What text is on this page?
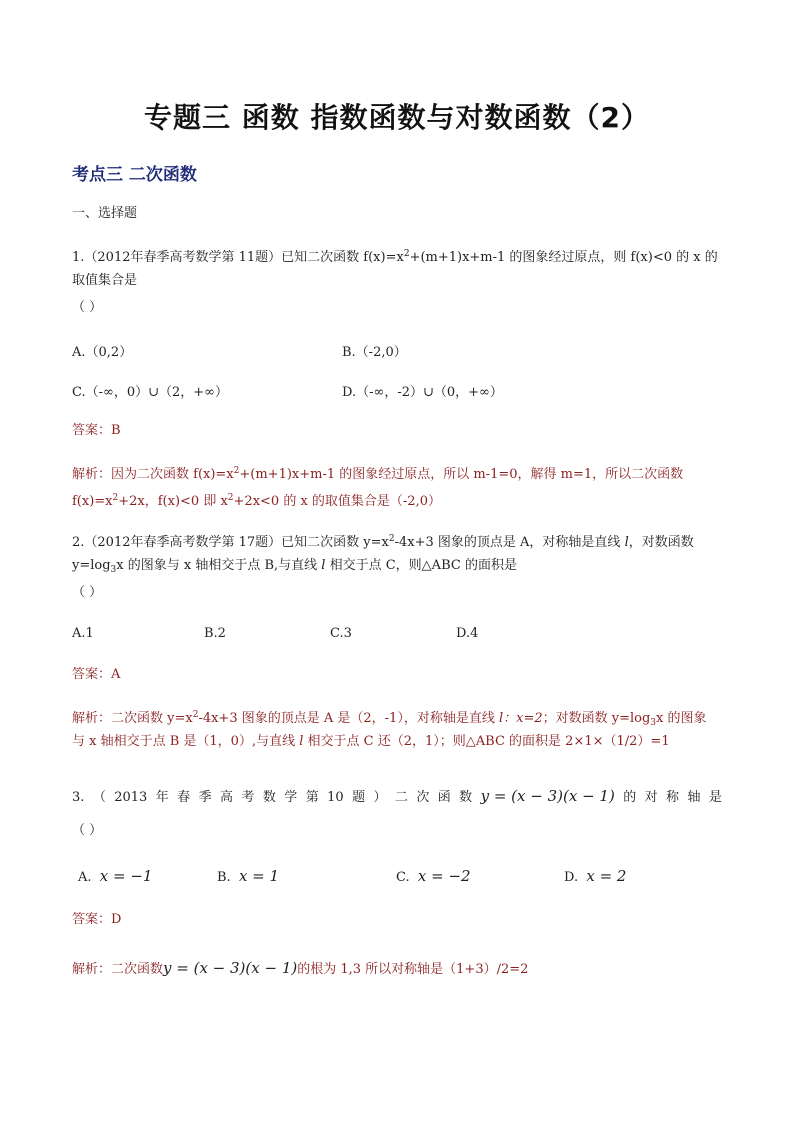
专题三 函数 指数函数与对数函数（2）
考点三 二次函数
一、选择题
1.（2012年春季高考数学第 11题）已知二次函数 $f(x)=x^2+(m+1)x+m-1$ 的图象经过原点，则 f(x)<0 的 x 的
取值集合是
（ ）
A.（0,2）	B.（-2,0）
C.（-∞，0）∪（2，+∞）	D.（-∞，-2）∪（0，+∞）
答案：B
解析：因为二次函数 $f(x)=x^2+(m+1)x+m-1$ 的图象经过原点，所以 m-1=0，解得 m=1，所以二次函数
$f(x)=x^2+2x$，f(x)<0 即 $x^2+2x<0$ 的 x 的取值集合是（-2,0）
2.（2012年春季高考数学第 17题）已知二次函数 $y=x^2-4x+3$ 图象的顶点是 A，对称轴是直线 l，对数函数
$y=\log_3x$ 的图象与 x 轴相交于点 B,与直线 l 相交于点 C，则△ABC 的面积是
（ ）
A.1	B.2	C.3	D.4
答案：A
解析：二次函数 $y=x^2-4x+3$ 图象的顶点是 A 是（2，-1），对称轴是直线 l：x=2；对数函数 $y=\log_3x$ 的图象
与 x 轴相交于点 B 是（1，0）,与直线 l 相交于点 C 还（2，1）；则△ABC 的面积是 2×1×（1/2）=1
3. （ 2013 年 春 季 高 考 数 学 第 10 题 ） 二 次 函 数 y = (x − 3)(x − 1) 的 对 称 轴 是
（ ）
A. x = −1	B. x = 1	C. x = −2	D. x = 2
答案：D
解析：二次函数y = (x − 3)(x − 1)的根为 1,3 所以对称轴是（1+3）/2=2
